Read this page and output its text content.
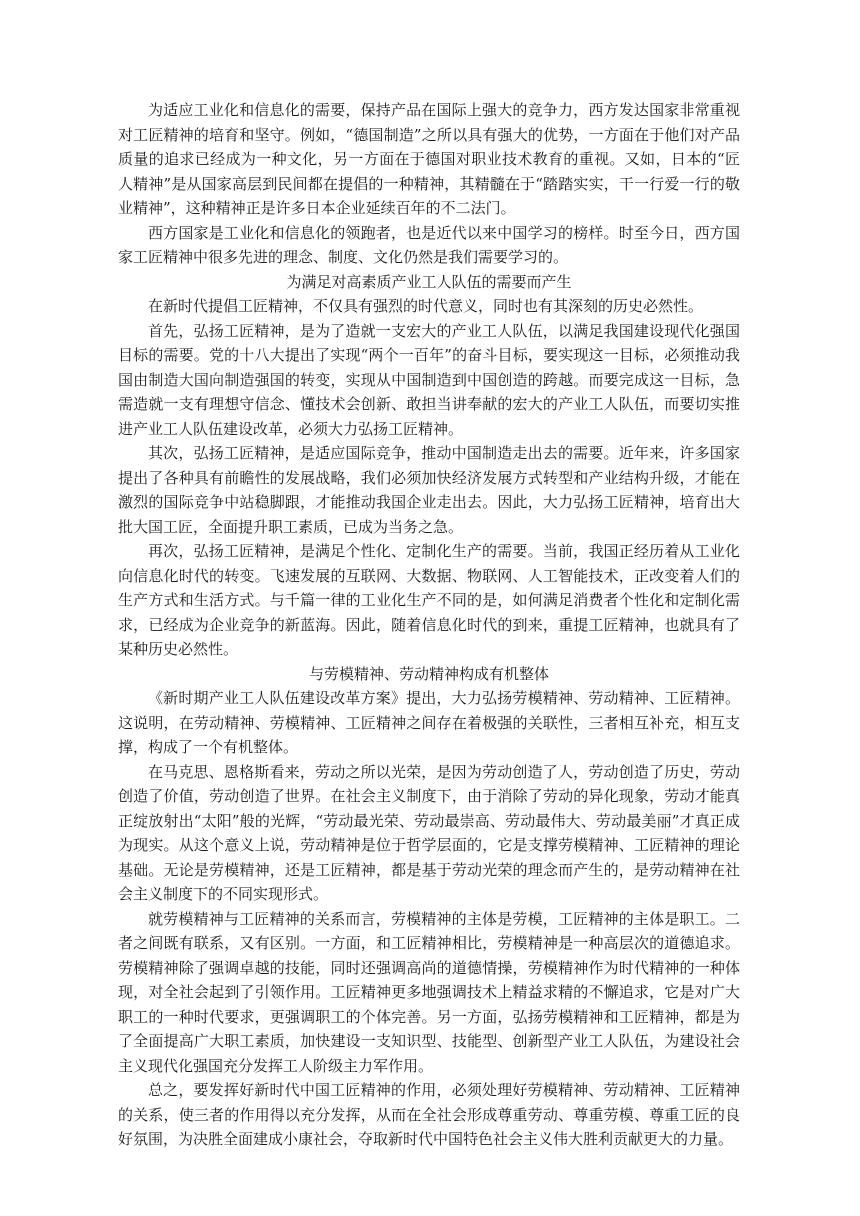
为适应工业化和信息化的需要，保持产品在国际上强大的竞争力，西方发达国家非常重视对工匠精神的培育和坚守。例如，“德国制造”之所以具有强大的优势，一方面在于他们对产品质量的追求已经成为一种文化，另一方面在于德国对职业技术教育的重视。又如，日本的“匠人精神”是从国家高层到民间都在提倡的一种精神，其精髓在于“踏踏实实，干一行爱一行的敬业精神”，这种精神正是许多日本企业延续百年的不二法门。

西方国家是工业化和信息化的领跑者，也是近代以来中国学习的榜样。时至今日，西方国家工匠精神中很多先进的理念、制度、文化仍然是我们需要学习的。

为满足对高素质产业工人队伍的需要而产生

在新时代提倡工匠精神，不仅具有强烈的时代意义，同时也有其深刻的历史必然性。

首先，弘扬工匠精神，是为了造就一支宏大的产业工人队伍，以满足我国建设现代化强国目标的需要。党的十八大提出了实现“两个一百年”的奋斗目标，要实现这一目标，必须推动我国由制造大国向制造强国的转变，实现从中国制造到中国创造的跨越。而要完成这一目标，急需造就一支有理想守信念、懂技术会创新、敢担当讲奉献的宏大的产业工人队伍，而要切实推进产业工人队伍建设改革，必须大力弘扬工匠精神。

其次，弘扬工匠精神，是适应国际竞争，推动中国制造走出去的需要。近年来，许多国家提出了各种具有前瞻性的发展战略，我们必须加快经济发展方式转型和产业结构升级，才能在激烈的国际竞争中站稳脚跟，才能推动我国企业走出去。因此，大力弘扬工匠精神，培育出大批大国工匠，全面提升职工素质，已成为当务之急。

再次，弘扬工匠精神，是满足个性化、定制化生产的需要。当前，我国正经历着从工业化向信息化时代的转变。飞速发展的互联网、大数据、物联网、人工智能技术，正改变着人们的生产方式和生活方式。与千篇一律的工业化生产不同的是，如何满足消费者个性化和定制化需求，已经成为企业竞争的新蓝海。因此，随着信息化时代的到来，重提工匠精神，也就具有了某种历史必然性。

与劳模精神、劳动精神构成有机整体

《新时期产业工人队伍建设改革方案》提出，大力弘扬劳模精神、劳动精神、工匠精神。这说明，在劳动精神、劳模精神、工匠精神之间存在着极强的关联性，三者相互补充，相互支撑，构成了一个有机整体。

在马克思、恩格斯看来，劳动之所以光荣，是因为劳动创造了人，劳动创造了历史，劳动创造了价值，劳动创造了世界。在社会主义制度下，由于消除了劳动的异化现象，劳动才能真正绽放射出“太阳”般的光辉，“劳动最光荣、劳动最崇高、劳动最伟大、劳动最美丽”才真正成为现实。从这个意义上说，劳动精神是位于哲学层面的，它是支撑劳模精神、工匠精神的理论基础。无论是劳模精神，还是工匠精神，都是基于劳动光荣的理念而产生的，是劳动精神在社会主义制度下的不同实现形式。

就劳模精神与工匠精神的关系而言，劳模精神的主体是劳模，工匠精神的主体是职工。二者之间既有联系，又有区别。一方面，和工匠精神相比，劳模精神是一种高层次的道德追求。劳模精神除了强调卓越的技能，同时还强调高尚的道德情操，劳模精神作为时代精神的一种体现，对全社会起到了引领作用。工匠精神更多地强调技术上精益求精的不懈追求，它是对广大职工的一种时代要求，更强调职工的个体完善。另一方面，弘扬劳模精神和工匠精神，都是为了全面提高广大职工素质，加快建设一支知识型、技能型、创新型产业工人队伍，为建设社会主义现代化强国充分发挥工人阶级主力军作用。

总之，要发挥好新时代中国工匠精神的作用，必须处理好劳模精神、劳动精神、工匠精神的关系，使三者的作用得以充分发挥，从而在全社会形成尊重劳动、尊重劳模、尊重工匠的良好氛围，为决胜全面建成小康社会，夺取新时代中国特色社会主义伟大胜利贡献更大的力量。
